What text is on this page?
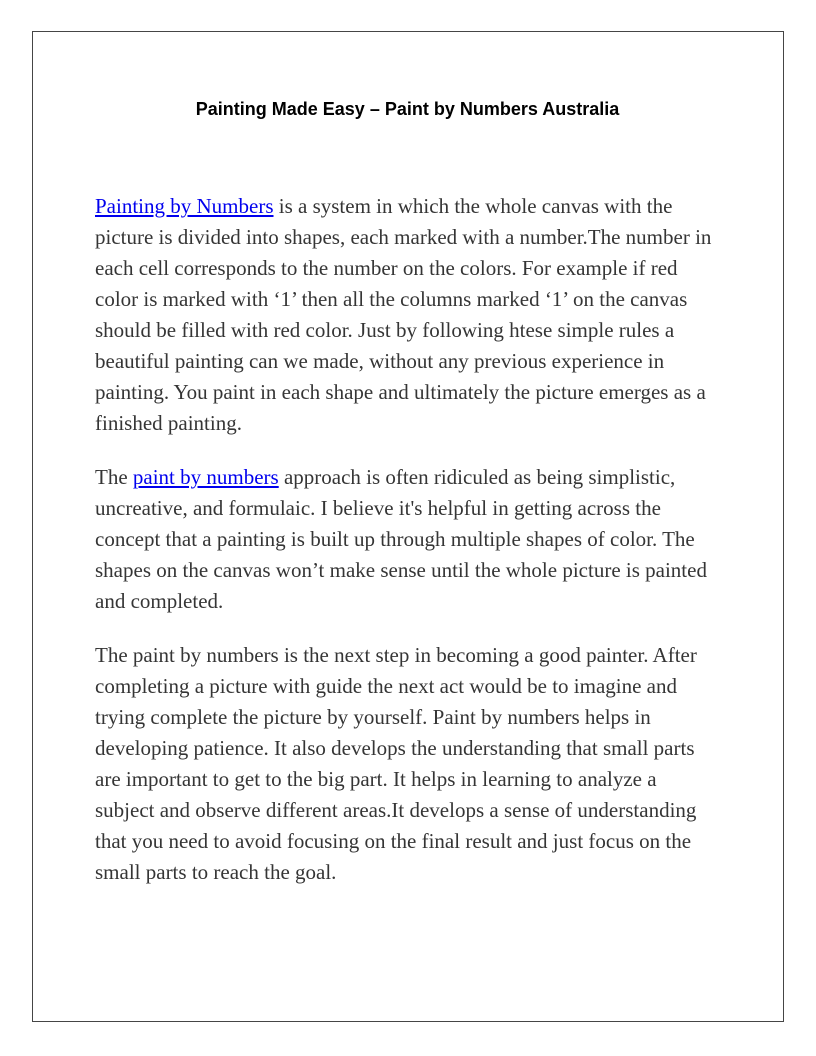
Painting Made Easy – Paint by Numbers Australia

Painting by Numbers is a system in which the whole canvas with the picture is divided into shapes, each marked with a number.The number in each cell corresponds to the number on the colors. For example if red color is marked with ‘1’ then all the columns marked ‘1’ on the canvas should be filled with red color. Just by following htese simple rules a beautiful painting can we made, without any previous experience in painting. You paint in each shape and ultimately the picture emerges as a finished painting.

The paint by numbers approach is often ridiculed as being simplistic, uncreative, and formulaic. I believe it's helpful in getting across the concept that a painting is built up through multiple shapes of color. The shapes on the canvas won’t make sense until the whole picture is painted and completed.

The paint by numbers is the next step in becoming a good painter. After completing a picture with guide the next act would be to imagine and trying complete the picture by yourself. Paint by numbers helps in developing patience. It also develops the understanding that small parts are important to get to the big part. It helps in learning to analyze a subject and observe different areas.It develops a sense of understanding that you need to avoid focusing on the final result and just focus on the small parts to reach the goal.
